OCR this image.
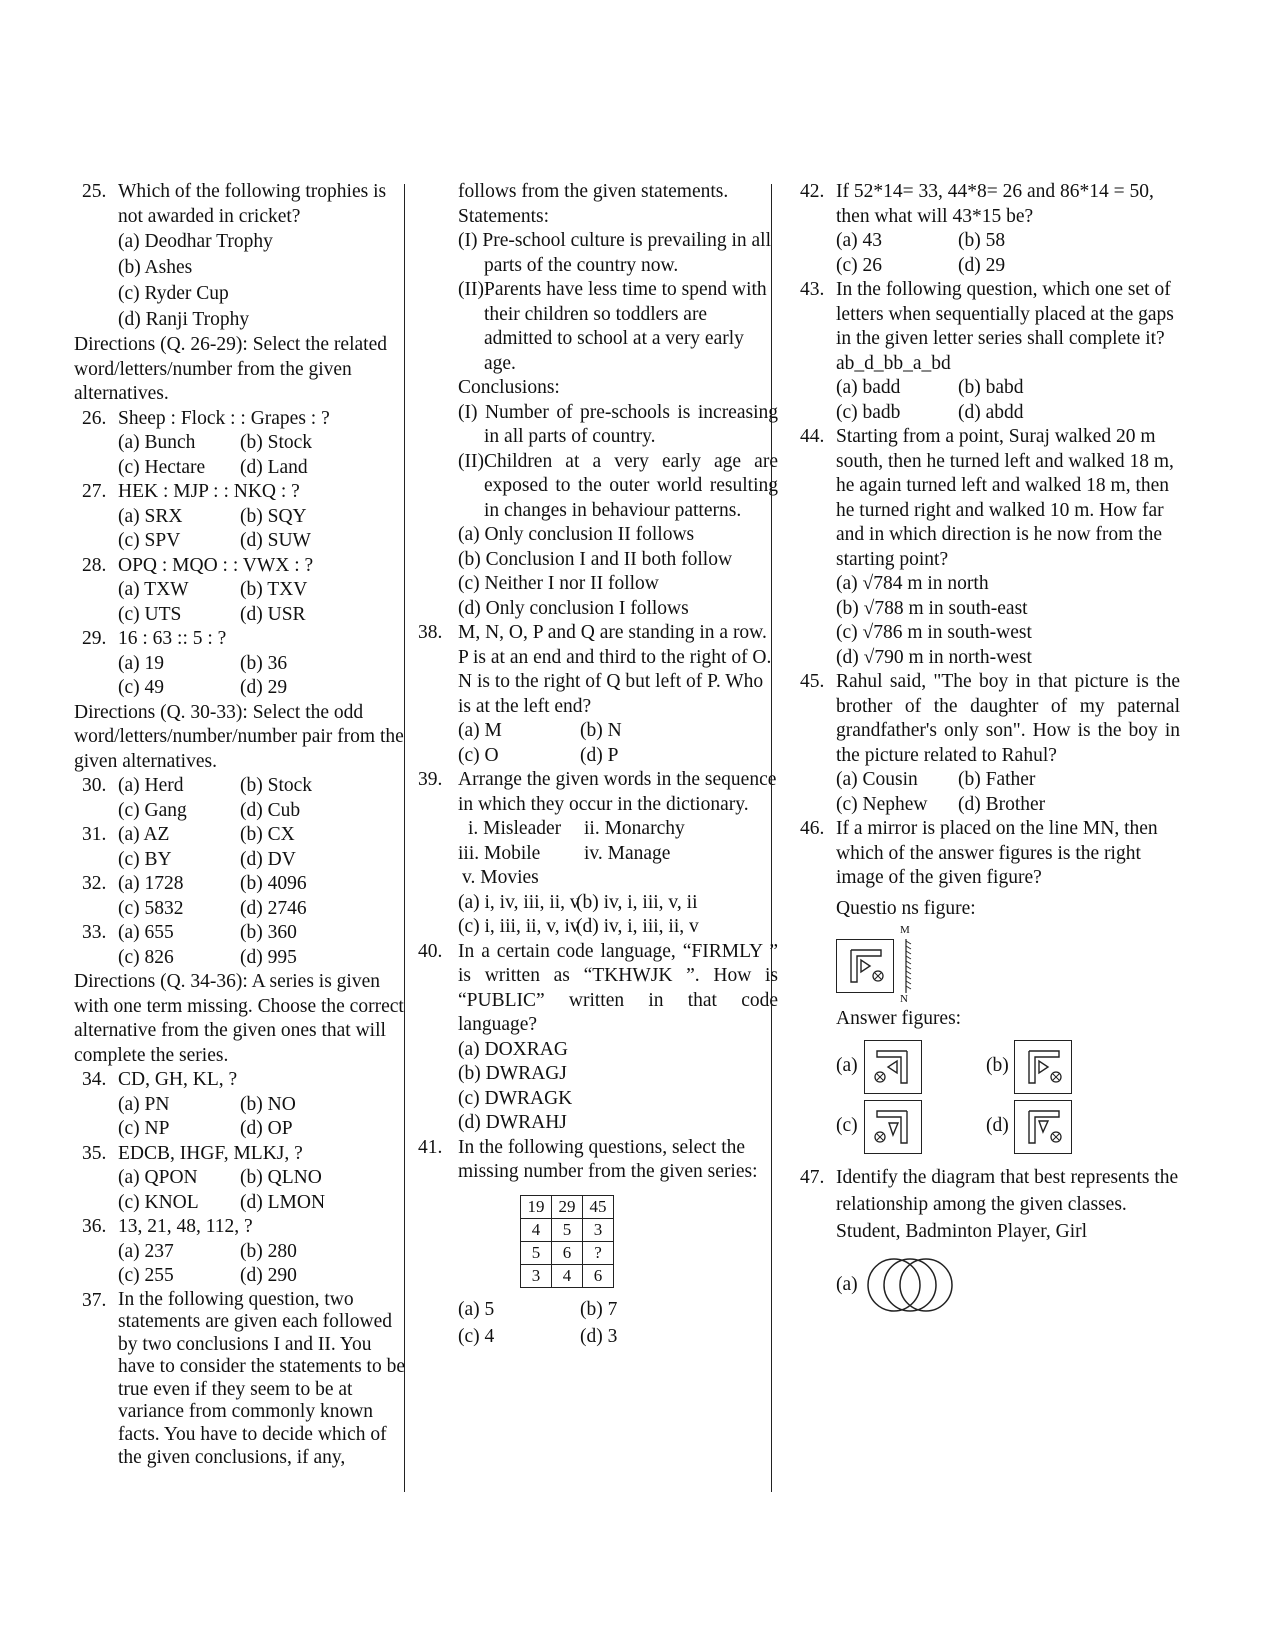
25. Which of the following trophies is not awarded in cricket?
(a) Deodhar Trophy
(b) Ashes
(c) Ryder Cup
(d) Ranji Trophy
Directions (Q. 26-29): Select the related word/letters/number from the given alternatives.
26. Sheep : Flock : : Grapes : ?
(a) Bunch	(b) Stock
(c) Hectare	(d) Land
27. HEK : MJP : : NKQ : ?
(a) SRX	(b) SQY
(c) SPV	(d) SUW
28. OPQ : MQO : : VWX : ?
(a) TXW	(b) TXV
(c) UTS	(d) USR
29. 16 : 63 :: 5 : ?
(a) 19	(b) 36
(c) 49	(d) 29
Directions (Q. 30-33): Select the odd word/letters/number/number pair from the given alternatives.
30. (a) Herd	(b) Stock
(c) Gang	(d) Cub
31. (a) AZ	(b) CX
(c) BY	(d) DV
32. (a) 1728	(b) 4096
(c) 5832	(d) 2746
33. (a) 655	(b) 360
(c) 826	(d) 995
Directions (Q. 34-36): A series is given with one term missing. Choose the correct alternative from the given ones that will complete the series.
34. CD, GH, KL, ?
(a) PN	(b) NO
(c) NP	(d) OP
35. EDCB, IHGF, MLKJ, ?
(a) QPON	(b) QLNO
(c) KNOL	(d) LMON
36. 13, 21, 48, 112, ?
(a) 237	(b) 280
(c) 255	(d) 290
37. In the following question, two statements are given each followed by two conclusions I and II. You have to consider the statements to be true even if they seem to be at variance from commonly known facts. You have to decide which of the given conclusions, if any,
follows from the given statements.
Statements:
(I) Pre-school culture is prevailing in all parts of the country now.
(II)Parents have less time to spend with their children so toddlers are admitted to school at a very early age.
Conclusions:
(I) Number of pre-schools is increasing in all parts of country.
(II)Children at a very early age are exposed to the outer world resulting in changes in behaviour patterns.
(a) Only conclusion II follows
(b) Conclusion I and II both follow
(c) Neither I nor II follow
(d) Only conclusion I follows
38. M, N, O, P and Q are standing in a row. P is at an end and third to the right of O. N is to the right of Q but left of P. Who is at the left end?
(a) M	(b) N
(c) O	(d) P
39. Arrange the given words in the sequence in which they occur in the dictionary.
i. Misleader	ii. Monarchy
iii. Mobile	iv. Manage
v. Movies
(a) i, iv, iii, ii, v
(b) iv, i, iii, v, ii
(c) i, iii, ii, v, iv
(d) iv, i, iii, ii, v
40. In a certain code language, “FIRMLY ” is written as “TKHWJK ”. How is “PUBLIC” written in that code language?
(a) DOXRAG
(b) DWRAGJ
(c) DWRAGK
(d) DWRAHJ
41. In the following questions, select the missing number from the given series:
19	29	45
4	5	3
5	6	?
3	4	6
(a) 5	(b) 7
(c) 4	(d) 3
42. If 52*14= 33, 44*8= 26 and 86*14 = 50, then what will 43*15 be?
(a) 43	(b) 58
(c) 26	(d) 29
43. In the following question, which one set of letters when sequentially placed at the gaps in the given letter series shall complete it?
ab_d_bb_a_bd
(a) badd	(b) babd
(c) badb	(d) abdd
44. Starting from a point, Suraj walked 20 m south, then he turned left and walked 18 m, he again turned left and walked 18 m, then he turned right and walked 10 m. How far and in which direction is he now from the starting point?
(a) √784 m in north
(b) √788 m in south-east
(c) √786 m in south-west
(d) √790 m in north-west
45. Rahul said, "The boy in that picture is the brother of the daughter of my paternal grandfather's only son". How is the boy in the picture related to Rahul?
(a) Cousin	(b) Father
(c) Nephew	(d) Brother
46. If a mirror is placed on the line MN, then which of the answer figures is the right image of the given figure?
Questio ns figure:
M
N
Answer figures:
(a)	(b)
(c)	(d)
47. Identify the diagram that best represents the relationship among the given classes.
Student, Badminton Player, Girl
(a)
